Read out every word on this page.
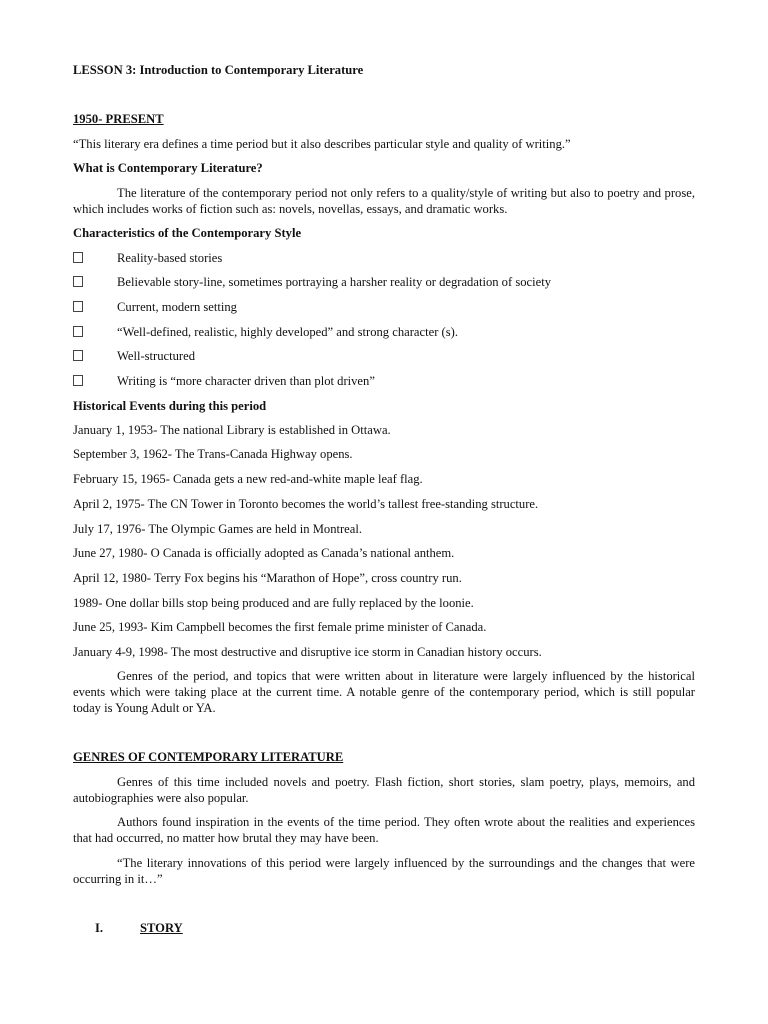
LESSON 3: Introduction to Contemporary Literature

1950- PRESENT

“This literary era defines a time period but it also describes particular style and quality of writing.”

What is Contemporary Literature?

The literature of the contemporary period not only refers to a quality/style of writing but also to poetry and prose, which includes works of fiction such as: novels, novellas, essays, and dramatic works.

Characteristics of the Contemporary Style

Reality-based stories
Believable story-line, sometimes portraying a harsher reality or degradation of society
Current, modern setting
“Well-defined, realistic, highly developed” and strong character (s).
Well-structured
Writing is “more character driven than plot driven”

Historical Events during this period

January 1, 1953- The national Library is established in Ottawa.

September 3, 1962- The Trans-Canada Highway opens.

February 15, 1965- Canada gets a new red-and-white maple leaf flag.

April 2, 1975- The CN Tower in Toronto becomes the world’s tallest free-standing structure.

July 17, 1976- The Olympic Games are held in Montreal.

June 27, 1980- O Canada is officially adopted as Canada’s national anthem.

April 12, 1980- Terry Fox begins his “Marathon of Hope”, cross country run.

1989- One dollar bills stop being produced and are fully replaced by the loonie.

June 25, 1993- Kim Campbell becomes the first female prime minister of Canada.

January 4-9, 1998- The most destructive and disruptive ice storm in Canadian history occurs.

Genres of the period, and topics that were written about in literature were largely influenced by the historical events which were taking place at the current time. A notable genre of the contemporary period, which is still popular today is Young Adult or YA.

GENRES OF CONTEMPORARY LITERATURE

Genres of this time included novels and poetry. Flash fiction, short stories, slam poetry, plays, memoirs, and autobiographies were also popular.

Authors found inspiration in the events of the time period. They often wrote about the realities and experiences that had occurred, no matter how brutal they may have been.

“The literary innovations of this period were largely influenced by the surroundings and the changes that were occurring in it…”

I.	STORY
